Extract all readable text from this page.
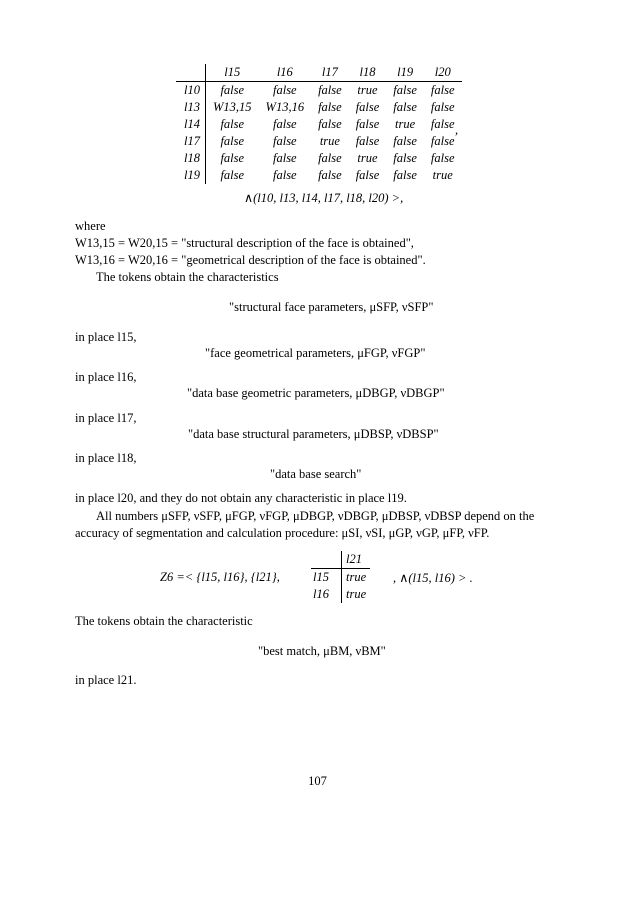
	l15	l16	l17	l18	l19	l20
l10	false	false	false	true	false	false
l13	W13,15	W13,16	false	false	false	false
l14	false	false	false	false	true	false
l17	false	false	true	false	false	false
l18	false	false	false	true	false	false
l19	false	false	false	false	false	true
,
∧(l10, l13, l14, l17, l18, l20) >,
where
W13,15 = W20,15 = "structural description of the face is obtained",
W13,16 = W20,16 = "geometrical description of the face is obtained".
The tokens obtain the characteristics
"structural face parameters, μSFP, νSFP"
in place l15,
"face geometrical parameters, μFGP, νFGP"
in place l16,
"data base geometric parameters, μDBGP, νDBGP"
in place l17,
"data base structural parameters, μDBSP, νDBSP"
in place l18,
"data base search"
in place l20, and they do not obtain any characteristic in place l19.
All numbers μSFP, νSFP, μFGP, νFGP, μDBGP, νDBGP, μDBSP, νDBSP depend on the
accuracy of segmentation and calculation procedure: μSI, νSI, μGP, νGP, μFP, νFP.
Z6 =< {l15, l16}, {l21},
	l21
l15	true
l16	true
, ∧(l15, l16) > .
The tokens obtain the characteristic
"best match, μBM, νBM"
in place l21.
107
